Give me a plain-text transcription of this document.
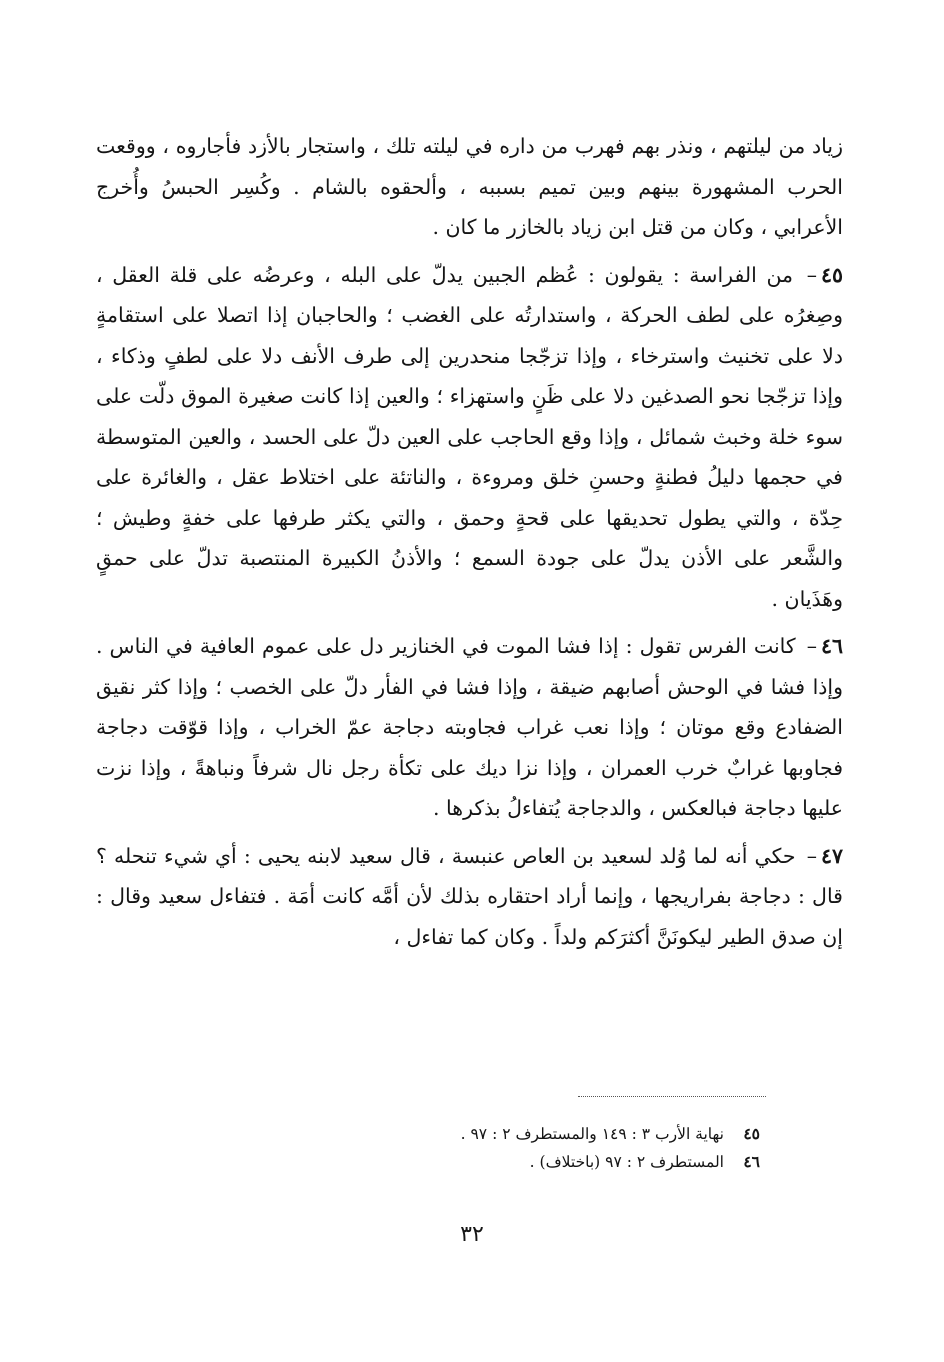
زياد من ليلتهم ، ونذر بهم فهرب من داره في ليلته تلك ، واستجار بالأزد فأجاروه ، ووقعت الحرب المشهورة بينهم وبين تميم بسببه ، وألحقوه بالشام . وكُسِر الحبسُ وأُخرج الأعرابي ، وكان من قتل ابن زياد بالخازر ما كان .

٤٥– من الفراسة : يقولون : عُظم الجبين يدلّ على البله ، وعرضُه على قلة العقل ، وصِغرُه على لطف الحركة ، واستدارتُه على الغضب ؛ والحاجبان إذا اتصلا على استقامةٍ دلا على تخنيث واسترخاء ، وإذا تزجّجا منحدرين إلى طرف الأنف دلا على لطفٍ وذكاء ، وإذا تزجّجا نحو الصدغين دلا على ظَنٍ واستهزاء ؛ والعين إذا كانت صغيرة الموق دلّت على سوء خلة وخبث شمائل ، وإذا وقع الحاجب على العين دلّ على الحسد ، والعين المتوسطة في حجمها دليلُ فطنةٍ وحسنِ خلق ومروءة ، والناتئة على اختلاط عقل ، والغائرة على حِدّة ، والتي يطول تحديقها على قحةٍ وحمق ، والتي يكثر طرفها على خفةٍ وطيش ؛ والشَّعر على الأذن يدلّ على جودة السمع ؛ والأذنُ الكبيرة المنتصبة تدلّ على حمقٍ وهَذَيان .

٤٦– كانت الفرس تقول : إذا فشا الموت في الخنازير دل على عموم العافية في الناس . وإذا فشا في الوحش أصابهم ضيقة ، وإذا فشا في الفأر دلّ على الخصب ؛ وإذا كثر نقيق الضفادع وقع موتان ؛ وإذا نعب غراب فجاوبته دجاجة عمّ الخراب ، وإذا قوّقت دجاجة فجاوبها غرابٌ خرب العمران ، وإذا نزا ديك على تكأة رجل نال شرفاً ونباهةً ، وإذا نزت عليها دجاجة فبالعكس ، والدجاجة يُتفاءلُ بذكرها .

٤٧– حكي أنه لما وُلد لسعيد بن العاص عنبسة ، قال سعيد لابنه يحيى : أي شيء تنحله ؟ قال : دجاجة بفراريجها ، وإنما أراد احتقاره بذلك لأن أمَّه كانت أمَة . فتفاءل سعيد وقال : إن صدق الطير ليكونَنَّ أكثرَكم ولداً . وكان كما تفاءل ،

٤٥نهاية الأرب ٣ : ١٤٩ والمستطرف ٢ : ٩٧ .

٤٦المستطرف ٢ : ٩٧ (باختلاف) .

٣٢
